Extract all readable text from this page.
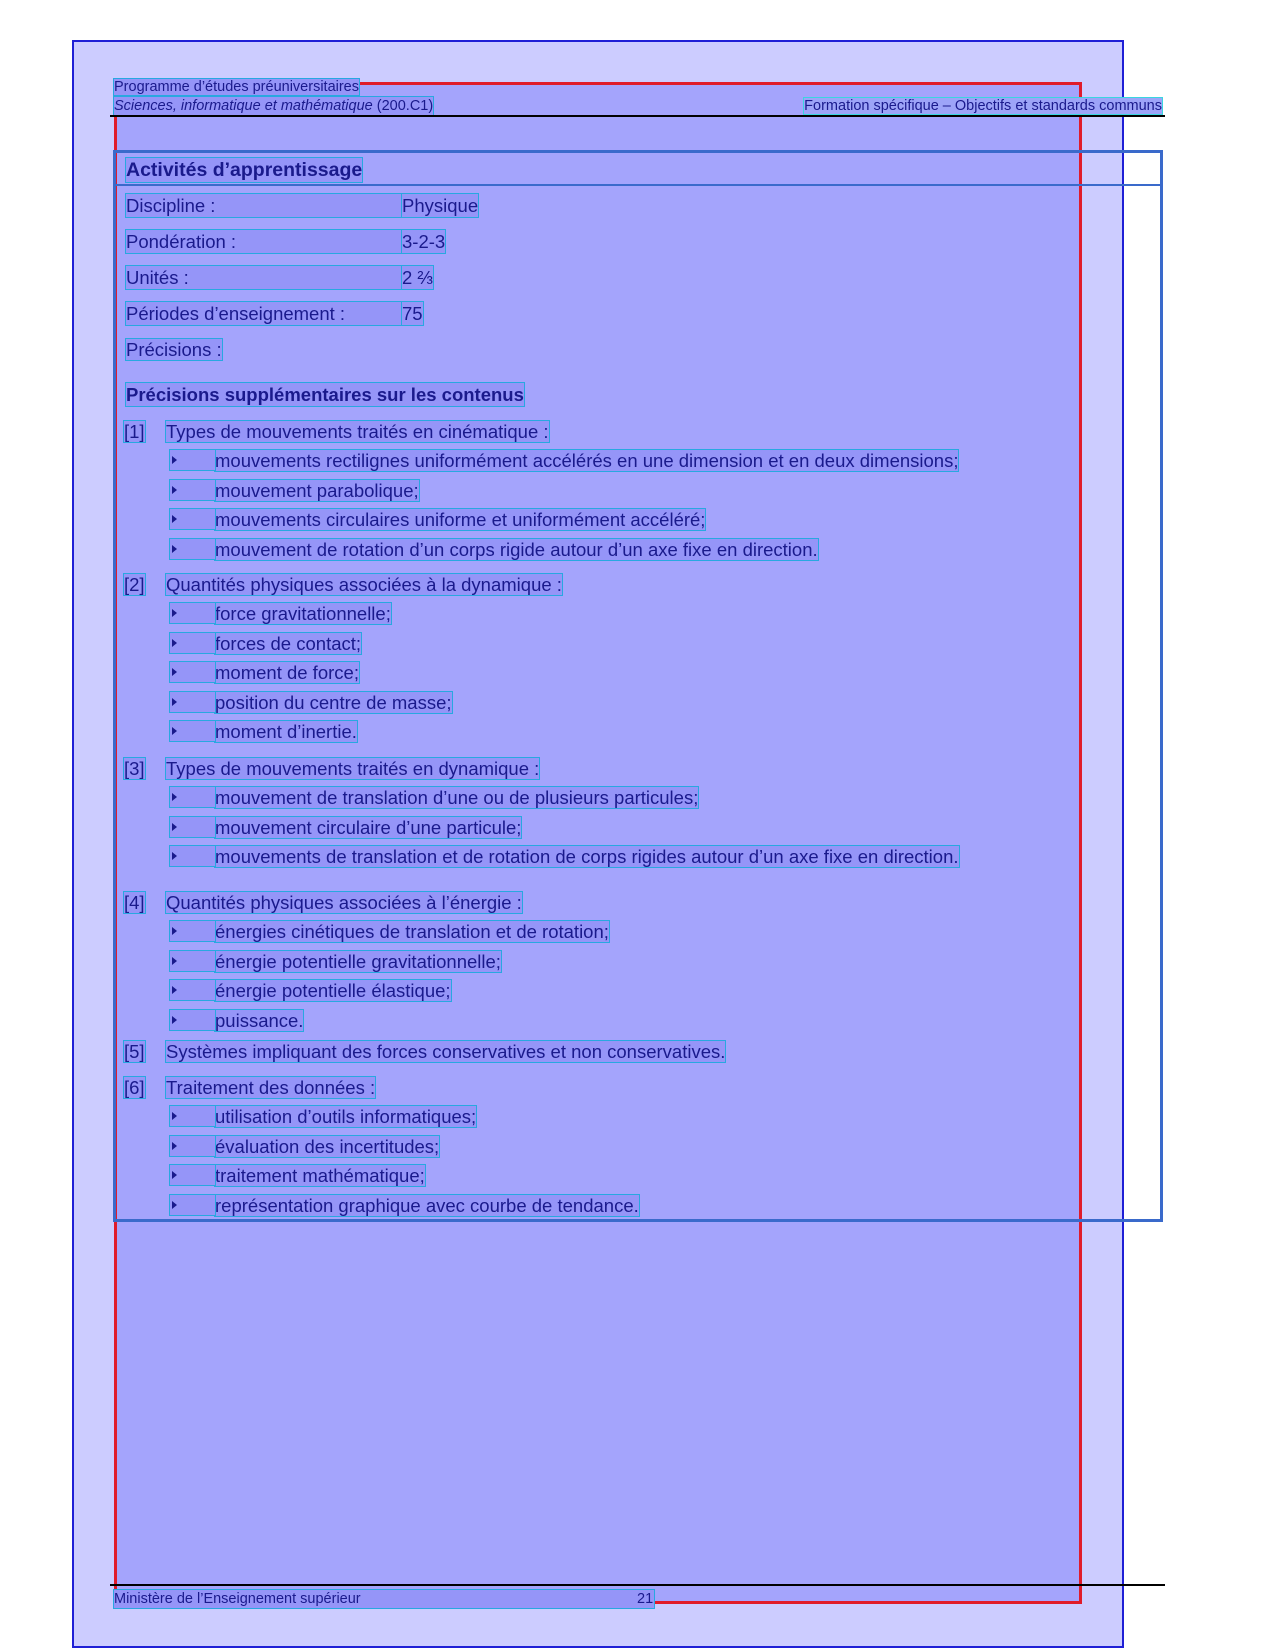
Programme d’études préuniversitaires
Sciences, informatique et mathématique (200.C1)	Formation spécifique – Objectifs et standards communs
Activités d’apprentissage
Discipline :	Physique
Pondération :	3-2-3
Unités :	2 ⅔
Périodes d’enseignement :	75
Précisions :
Précisions supplémentaires sur les contenus
[1] Types de mouvements traités en cinématique :
mouvements rectilignes uniformément accélérés en une dimension et en deux dimensions;
mouvement parabolique;
mouvements circulaires uniforme et uniformément accéléré;
mouvement de rotation d’un corps rigide autour d’un axe fixe en direction.
[2] Quantités physiques associées à la dynamique :
force gravitationnelle;
forces de contact;
moment de force;
position du centre de masse;
moment d’inertie.
[3] Types de mouvements traités en dynamique :
mouvement de translation d’une ou de plusieurs particules;
mouvement circulaire d’une particule;
mouvements de translation et de rotation de corps rigides autour d’un axe fixe en direction.
[4] Quantités physiques associées à l’énergie :
énergies cinétiques de translation et de rotation;
énergie potentielle gravitationnelle;
énergie potentielle élastique;
puissance.
[5] Systèmes impliquant des forces conservatives et non conservatives.
[6] Traitement des données :
utilisation d’outils informatiques;
évaluation des incertitudes;
traitement mathématique;
représentation graphique avec courbe de tendance.
Ministère de l’Enseignement supérieur	21
